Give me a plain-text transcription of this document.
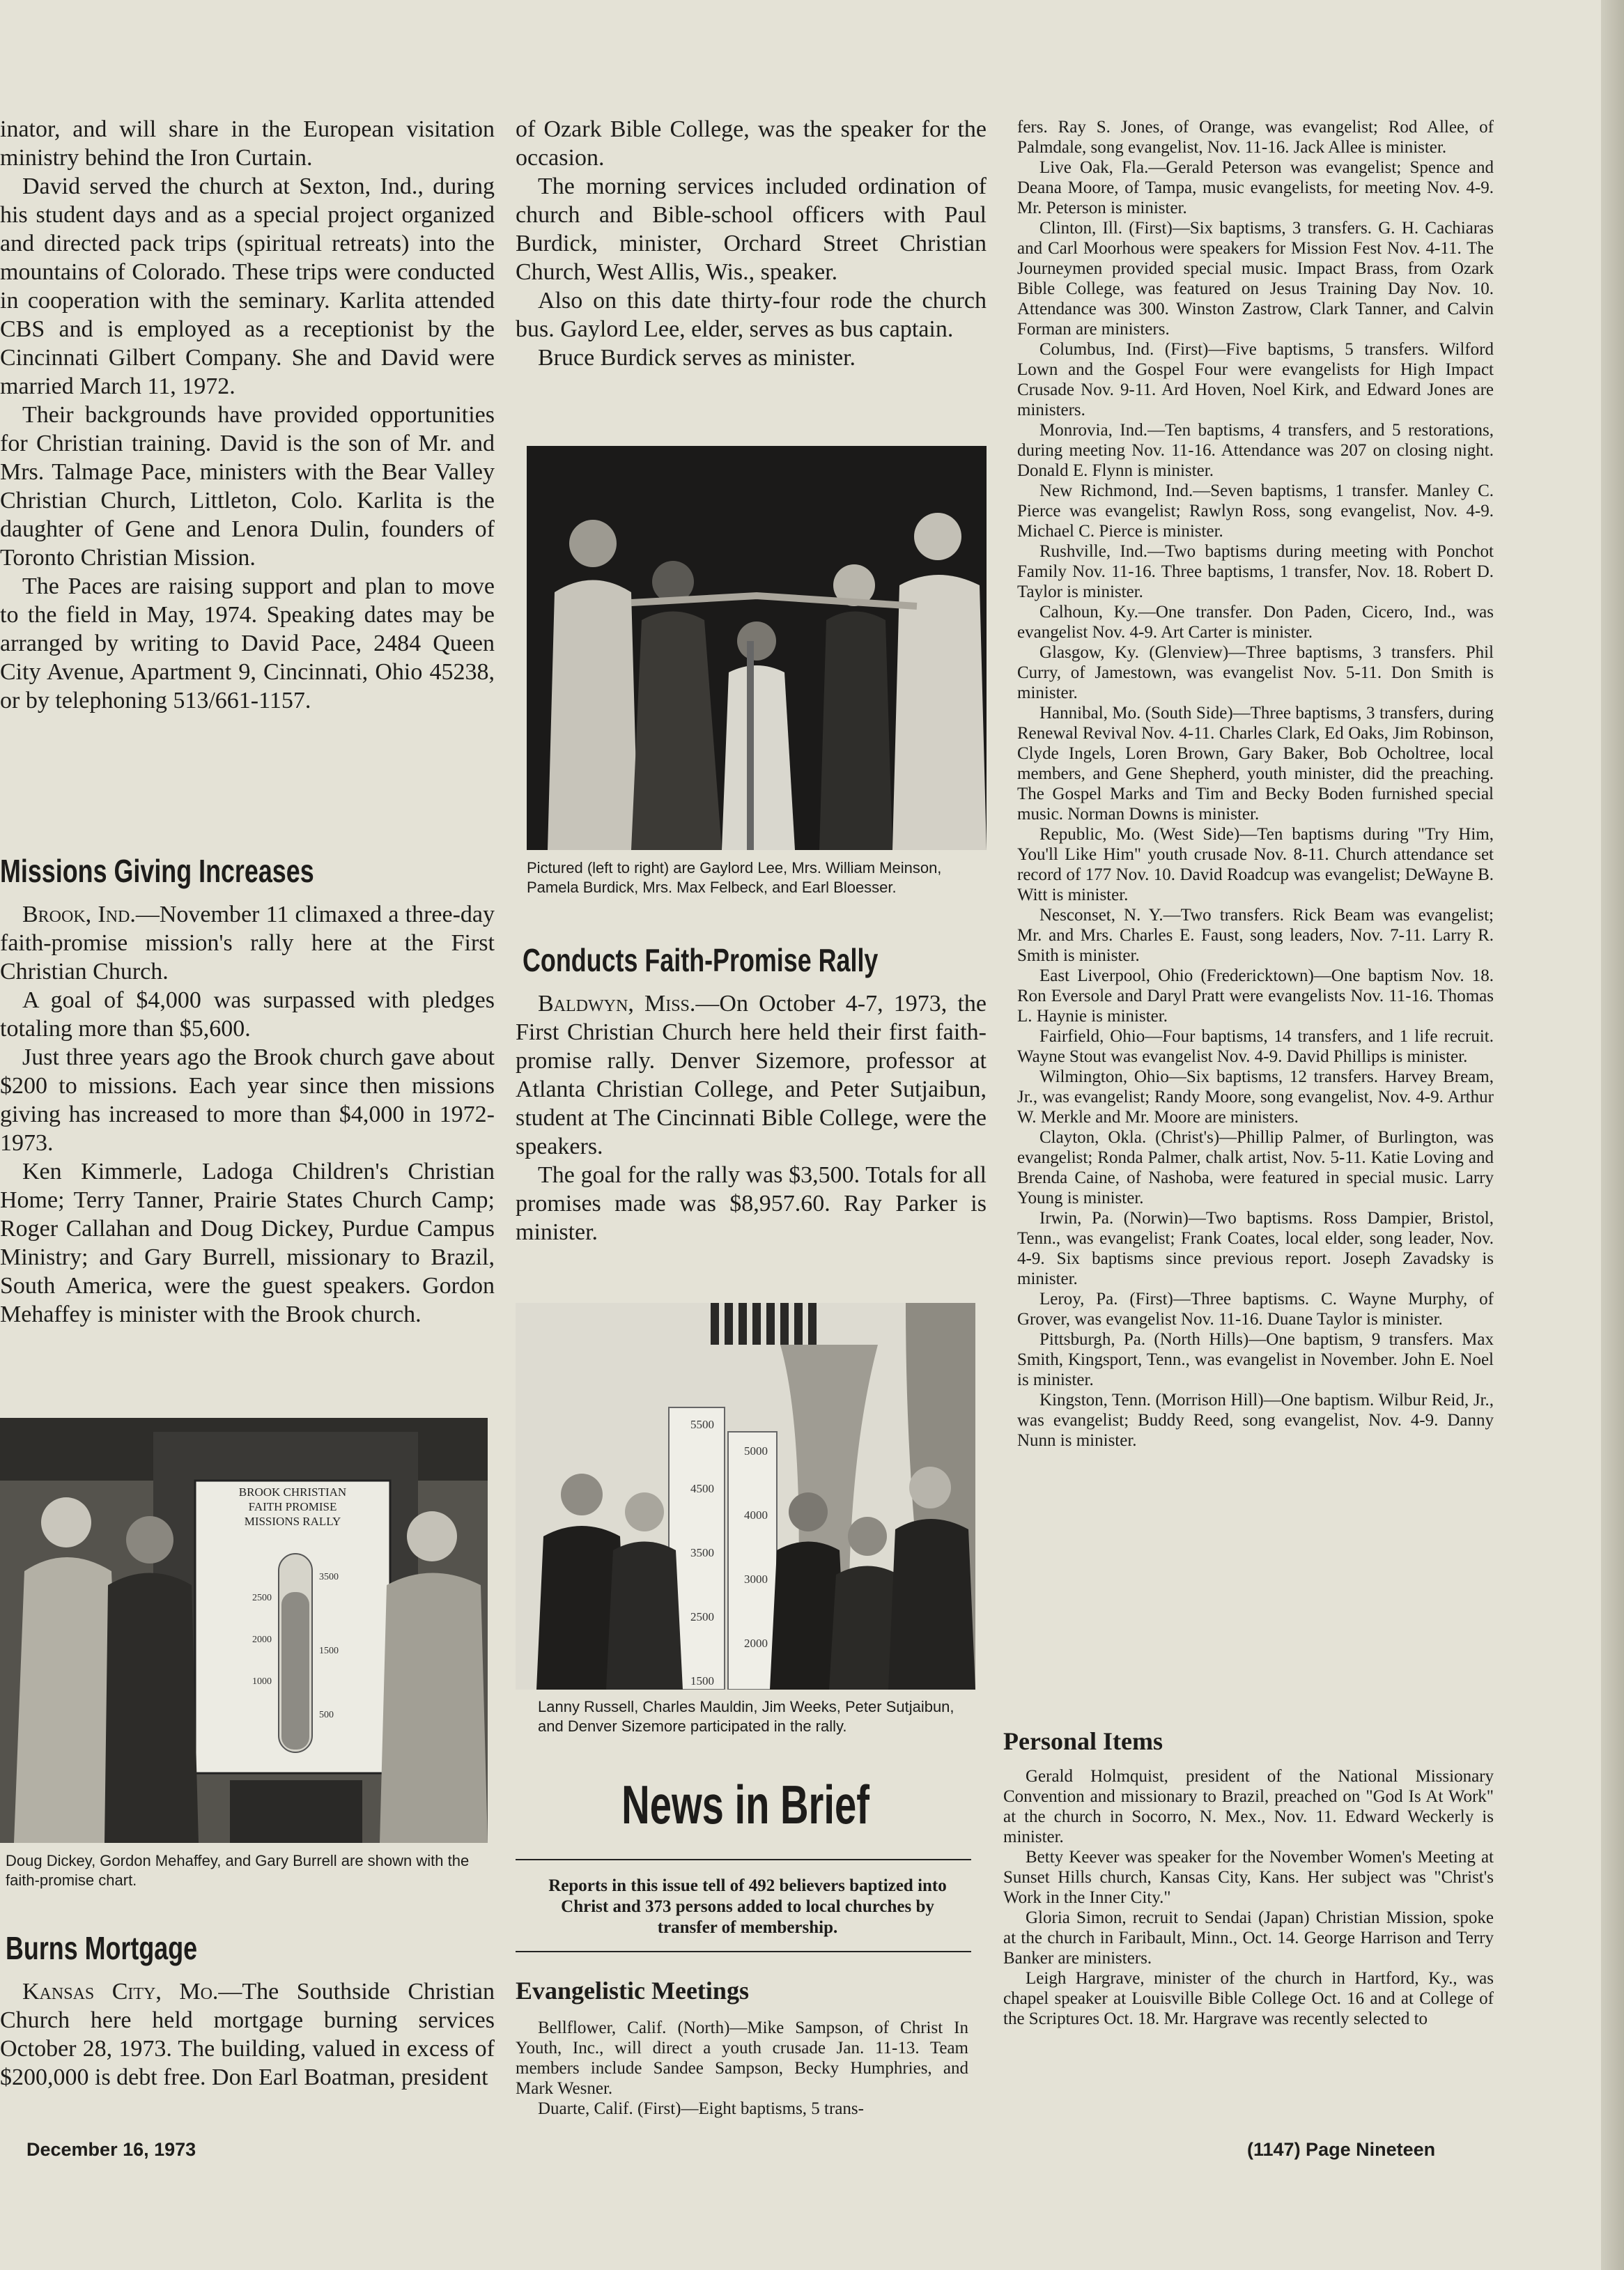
inator, and will share in the European visitation ministry behind the Iron Curtain.

David served the church at Sexton, Ind., during his student days and as a special project organized and directed pack trips (spiritual retreats) into the mountains of Colorado. These trips were conducted in cooperation with the seminary. Karlita attended CBS and is employed as a receptionist by the Cincinnati Gilbert Company. She and David were married March 11, 1972.

Their backgrounds have provided opportunities for Christian training. David is the son of Mr. and Mrs. Talmage Pace, ministers with the Bear Valley Christian Church, Littleton, Colo. Karlita is the daughter of Gene and Lenora Dulin, founders of Toronto Christian Mission.

The Paces are raising support and plan to move to the field in May, 1974. Speaking dates may be arranged by writing to David Pace, 2484 Queen City Avenue, Apartment 9, Cincinnati, Ohio 45238, or by telephoning 513/661-1157.

Missions Giving Increases

Brook, Ind.—November 11 climaxed a three-day faith-promise mission's rally here at the First Christian Church.

A goal of $4,000 was surpassed with pledges totaling more than $5,600.

Just three years ago the Brook church gave about $200 to missions. Each year since then missions giving has increased to more than $4,000 in 1972-1973.

Ken Kimmerle, Ladoga Children's Christian Home; Terry Tanner, Prairie States Church Camp; Roger Callahan and Doug Dickey, Purdue Campus Ministry; and Gary Burrell, missionary to Brazil, South America, were the guest speakers. Gordon Mehaffey is minister with the Brook church.

BROOK CHRISTIAN
FAITH PROMISE
MISSIONS RALLY
2500
2000
1000
3500
1500
500
Doug Dickey, Gordon Mehaffey, and Gary Burrell are shown with the faith-promise chart.
Burns Mortgage

Kansas City, Mo.—The Southside Christian Church here held mortgage burning services October 28, 1973. The building, valued in excess of $200,000 is debt free. Don Earl Boatman, president

of Ozark Bible College, was the speaker for the occasion.

The morning services included ordination of church and Bible-school officers with Paul Burdick, minister, Orchard Street Christian Church, West Allis, Wis., speaker.

Also on this date thirty-four rode the church bus. Gaylord Lee, elder, serves as bus captain.

Bruce Burdick serves as minister.

Pictured (left to right) are Gaylord Lee, Mrs. William Meinson, Pamela Burdick, Mrs. Max Felbeck, and Earl Bloesser.
Conducts Faith-Promise Rally

Baldwyn, Miss.—On October 4-7, 1973, the First Christian Church here held their first faith-promise rally. Denver Sizemore, professor at Atlanta Christian College, and Peter Sutjaibun, student at The Cincinnati Bible College, were the speakers.

The goal for the rally was $3,500. Totals for all promises made was $8,957.60. Ray Parker is minister.

5500
4500
3500
2500
1500
5000
4000
3000
2000
Lanny Russell, Charles Mauldin, Jim Weeks, Peter Sutjaibun, and Denver Sizemore participated in the rally.
News in Brief
Reports in this issue tell of 492 believers baptized into Christ and 373 persons added to local churches by transfer of membership.
Evangelistic Meetings

Bellflower, Calif. (North)—Mike Sampson, of Christ In Youth, Inc., will direct a youth crusade Jan. 11-13. Team members include Sandee Sampson, Becky Humphries, and Mark Wesner.

Duarte, Calif. (First)—Eight baptisms, 5 trans-

fers. Ray S. Jones, of Orange, was evangelist; Rod Allee, of Palmdale, song evangelist, Nov. 11-16. Jack Allee is minister.

Live Oak, Fla.—Gerald Peterson was evangelist; Spence and Deana Moore, of Tampa, music evangelists, for meeting Nov. 4-9. Mr. Peterson is minister.

Clinton, Ill. (First)—Six baptisms, 3 transfers. G. H. Cachiaras and Carl Moorhous were speakers for Mission Fest Nov. 4-11. The Journeymen provided special music. Impact Brass, from Ozark Bible College, was featured on Jesus Training Day Nov. 10. Attendance was 300. Winston Zastrow, Clark Tanner, and Calvin Forman are ministers.

Columbus, Ind. (First)—Five baptisms, 5 transfers. Wilford Lown and the Gospel Four were evangelists for High Impact Crusade Nov. 9-11. Ard Hoven, Noel Kirk, and Edward Jones are ministers.

Monrovia, Ind.—Ten baptisms, 4 transfers, and 5 restorations, during meeting Nov. 11-16. Attendance was 207 on closing night. Donald E. Flynn is minister.

New Richmond, Ind.—Seven baptisms, 1 transfer. Manley C. Pierce was evangelist; Rawlyn Ross, song evangelist, Nov. 4-9. Michael C. Pierce is minister.

Rushville, Ind.—Two baptisms during meeting with Ponchot Family Nov. 11-16. Three baptisms, 1 transfer, Nov. 18. Robert D. Taylor is minister.

Calhoun, Ky.—One transfer. Don Paden, Cicero, Ind., was evangelist Nov. 4-9. Art Carter is minister.

Glasgow, Ky. (Glenview)—Three baptisms, 3 transfers. Phil Curry, of Jamestown, was evangelist Nov. 5-11. Don Smith is minister.

Hannibal, Mo. (South Side)—Three baptisms, 3 transfers, during Renewal Revival Nov. 4-11. Charles Clark, Ed Oaks, Jim Robinson, Clyde Ingels, Loren Brown, Gary Baker, Bob Ocholtree, local members, and Gene Shepherd, youth minister, did the preaching. The Gospel Marks and Tim and Becky Boden furnished special music. Norman Downs is minister.

Republic, Mo. (West Side)—Ten baptisms during "Try Him, You'll Like Him" youth crusade Nov. 8-11. Church attendance set record of 177 Nov. 10. David Roadcup was evangelist; DeWayne B. Witt is minister.

Nesconset, N. Y.—Two transfers. Rick Beam was evangelist; Mr. and Mrs. Charles E. Faust, song leaders, Nov. 7-11. Larry R. Smith is minister.

East Liverpool, Ohio (Fredericktown)—One baptism Nov. 18. Ron Eversole and Daryl Pratt were evangelists Nov. 11-16. Thomas L. Haynie is minister.

Fairfield, Ohio—Four baptisms, 14 transfers, and 1 life recruit. Wayne Stout was evangelist Nov. 4-9. David Phillips is minister.

Wilmington, Ohio—Six baptisms, 12 transfers. Harvey Bream, Jr., was evangelist; Randy Moore, song evangelist, Nov. 4-9. Arthur W. Merkle and Mr. Moore are ministers.

Clayton, Okla. (Christ's)—Phillip Palmer, of Burlington, was evangelist; Ronda Palmer, chalk artist, Nov. 5-11. Katie Loving and Brenda Caine, of Nashoba, were featured in special music. Larry Young is minister.

Irwin, Pa. (Norwin)—Two baptisms. Ross Dampier, Bristol, Tenn., was evangelist; Frank Coates, local elder, song leader, Nov. 4-9. Six baptisms since previous report. Joseph Zavadsky is minister.

Leroy, Pa. (First)—Three baptisms. C. Wayne Murphy, of Grover, was evangelist Nov. 11-16. Duane Taylor is minister.

Pittsburgh, Pa. (North Hills)—One baptism, 9 transfers. Max Smith, Kingsport, Tenn., was evangelist in November. John E. Noel is minister.

Kingston, Tenn. (Morrison Hill)—One baptism. Wilbur Reid, Jr., was evangelist; Buddy Reed, song evangelist, Nov. 4-9. Danny Nunn is minister.

Personal Items

Gerald Holmquist, president of the National Missionary Convention and missionary to Brazil, preached on "God Is At Work" at the church in Socorro, N. Mex., Nov. 11. Edward Weckerly is minister.

Betty Keever was speaker for the November Women's Meeting at Sunset Hills church, Kansas City, Kans. Her subject was "Christ's Work in the Inner City."

Gloria Simon, recruit to Sendai (Japan) Christian Mission, spoke at the church in Faribault, Minn., Oct. 14. George Harrison and Terry Banker are ministers.

Leigh Hargrave, minister of the church in Hartford, Ky., was chapel speaker at Louisville Bible College Oct. 16 and at College of the Scriptures Oct. 18. Mr. Hargrave was recently selected to

December 16, 1973	(1147) Page Nineteen
